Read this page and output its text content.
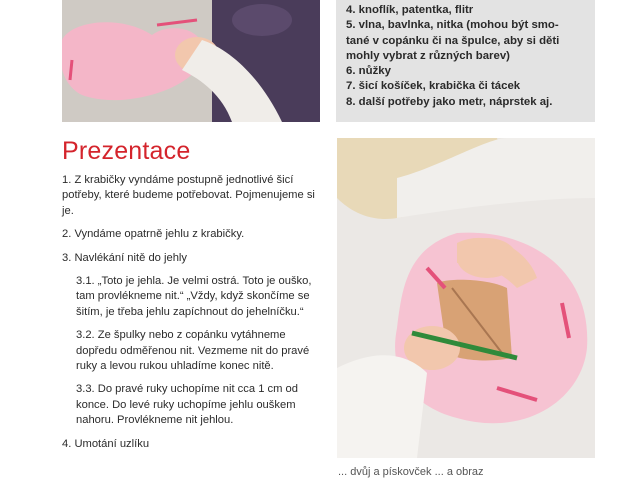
4. knoflík, patentka, flitr
5. vlna, bavlnka, nitka (mohou být smo-
tané v copánku či na špulce, aby si děti
mohly vybrat z různých barev)
6. nůžky
7. šicí košíček, krabička či tácek
8. další potřeby jako metr, náprstek aj.
Prezentace

1. Z krabičky vyndáme postupně jednotlivé šicí potřeby, které budeme potřebovat. Pojmenujeme si je.

2. Vyndáme opatrně jehlu z krabičky.

3. Navlékání nitě do jehly

3.1. „Toto je jehla. Je velmi ostrá. Toto je ouško, tam provlékneme nit.“ „Vždy, když skončíme se šitím, je třeba jehlu zapíchnout do jehelníčku.“

3.2. Ze špulky nebo z copánku vytáhneme dopředu odměřenou nit. Vezmeme nit do pravé ruky a levou rukou uhladíme konec nitě.

3.3. Do pravé ruky uchopíme nit cca 1 cm od konce. Do levé ruky uchopíme jehlu ouškem nahoru. Provlékneme nit jehlou.

4. Umotání uzlíku

... dvůj a pískovček ... a obraz
